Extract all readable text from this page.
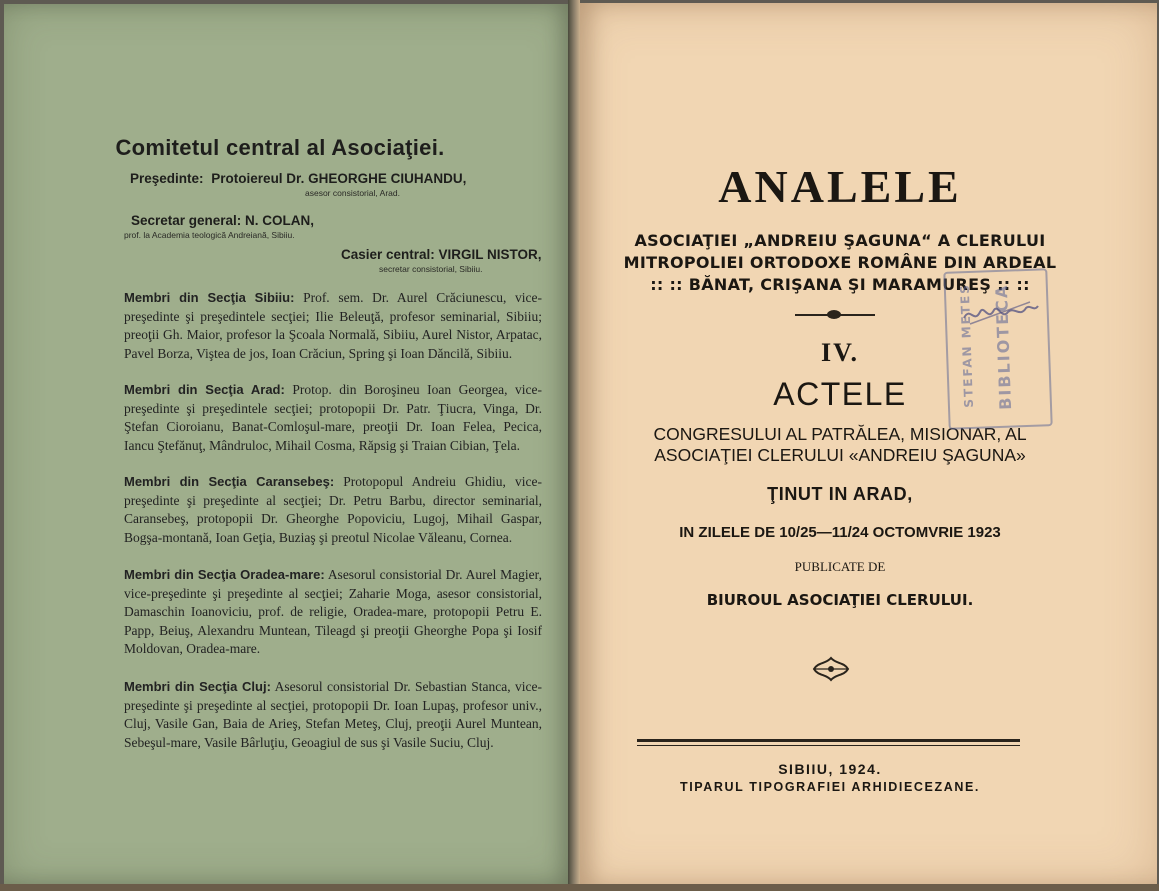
Comitetul central al Asociaţiei.
Preşedinte: Protoiereul Dr. GHEORGHE CIUHANDU,
asesor consistorial, Arad.
Secretar general: N. COLAN,
prof. la Academia teologică Andreiană, Sibiiu.
Casier central: VIRGIL NISTOR,
secretar consistorial, Sibiiu.
Membri din Secţia Sibiiu: Prof. sem. Dr. Aurel Crăciunescu, vice-preşedinte şi preşedintele secţiei; Ilie Beleuţă, profesor seminarial, Sibiiu; preoţii Gh. Maior, profesor la Şcoala Normală, Sibiiu, Aurel Nistor, Arpatac, Pavel Borza, Viştea de jos, Ioan Crăciun, Spring şi Ioan Dăncilă, Sibiiu.
Membri din Secţia Arad: Protop. din Boroşineu Ioan Georgea, vice-preşedinte şi preşedintele secţiei; protopopii Dr. Patr. Ţiucra, Vinga, Dr. Ştefan Cioroianu, Banat-Comloşul-mare, preoţii Dr. Ioan Felea, Pecica, Iancu Ştefănuţ, Mândruloc, Mihail Cosma, Răpsig şi Traian Cibian, Ţela.
Membri din Secţia Caransebeş: Protopopul Andreiu Ghidiu, vice-preşedinte şi preşedinte al secţiei; Dr. Petru Barbu, director seminarial, Caransebeş, protopopii Dr. Gheorghe Popoviciu, Lugoj, Mihail Gaspar, Bogşa-montană, Ioan Geţia, Buziaş şi preotul Nicolae Văleanu, Cornea.
Membri din Secţia Oradea-mare: Asesorul consistorial Dr. Aurel Magier, vice-preşedinte şi preşedinte al secţiei; Zaharie Moga, asesor consistorial, Damaschin Ioanoviciu, prof. de religie, Oradea-mare, protopopii Petru E. Papp, Beiuş, Alexandru Muntean, Tileagd şi preoţii Gheorghe Popa şi Iosif Moldovan, Oradea-mare.
Membri din Secţia Cluj: Asesorul consistorial Dr. Sebastian Stanca, vice-preşedinte şi preşedinte al secţiei, protopopii Dr. Ioan Lupaş, profesor univ., Cluj, Vasile Gan, Baia de Arieş, Stefan Meteş, Cluj, preoţii Aurel Muntean, Sebeşul-mare, Vasile Bârluţiu, Geoagiul de sus şi Vasile Suciu, Cluj.
ANALELE
ASOCIAŢIEI „ANDREIU ŞAGUNA“ A CLERULUI
MITROPOLIEI ORTODOXE ROMÂNE DIN ARDEAL
:: :: BĂNAT, CRIŞANA ŞI MARAMUREŞ :: ::
IV.
ACTELE
CONGRESULUI AL PATRĂLEA, MISIONAR, AL
ASOCIAŢIEI CLERULUI «ANDREIU ŞAGUNA»
ŢINUT IN ARAD,
IN ZILELE DE 10/25—11/24 OCTOMVRIE 1923
PUBLICATE DE
BIUROUL ASOCIAŢIEI CLERULUI.
SIBIIU, 1924.
TIPARUL TIPOGRAFIEI ARHIDIECEZANE.
BIBLIOTECA
STEFAN METES
